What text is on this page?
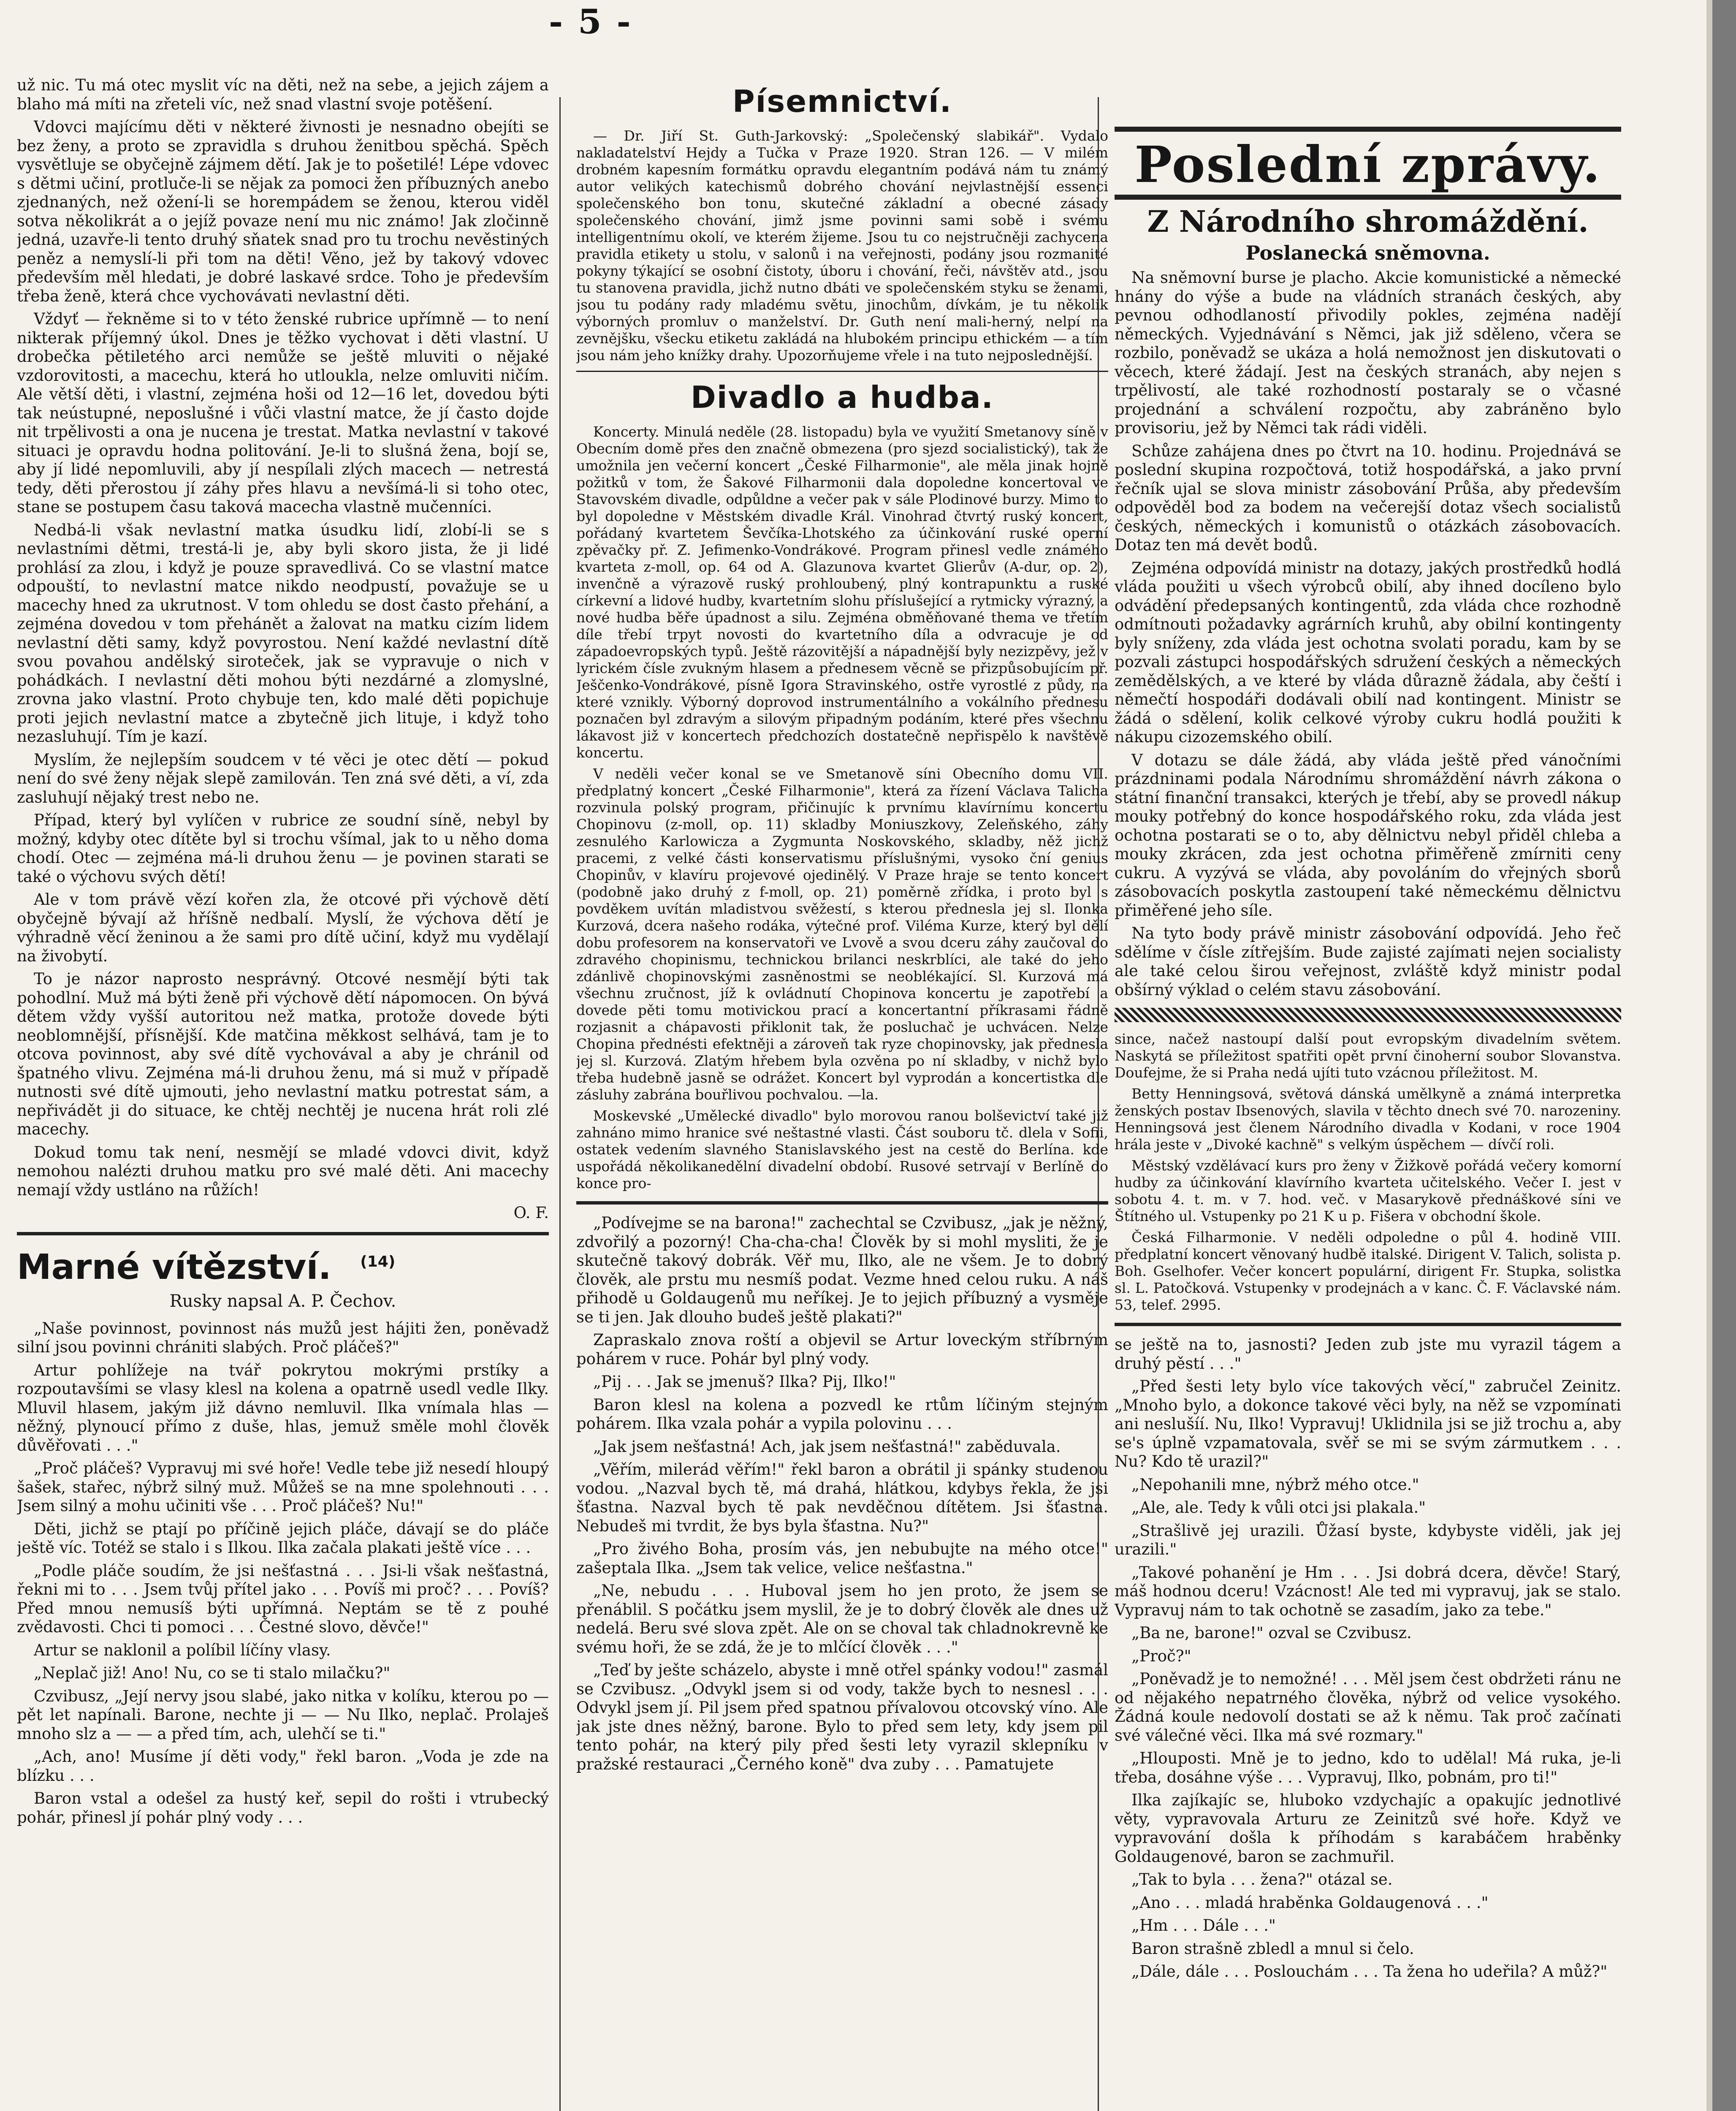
- 5 -

už nic. Tu má otec myslit víc na děti, než na sebe, a jejich zájem a blaho má míti na zřeteli víc, než snad vlastní svoje potěšení.

Vdovci majícímu děti v některé živnosti je nesnadno obejíti se bez ženy, a proto se zpravidla s druhou ženitbou spěchá. Spěch vysvětluje se obyčejně zájmem dětí. Jak je to pošetilé! Lépe vdovec s dětmi učiní, protluče-li se nějak za pomoci žen příbuzných anebo zjednaných, než ožení-li se horempádem se ženou, kterou viděl sotva několikrát a o jejíž povaze není mu nic známo! Jak zločinně jedná, uzavře-li tento druhý sňatek snad pro tu trochu nevěstiných peněz a nemyslí-li při tom na děti! Věno, jež by takový vdovec především měl hledati, je dobré laskavé srdce. Toho je především třeba ženě, která chce vychovávati nevlastní děti.

Vždyť — řekněme si to v této ženské rubrice upřímně — to není nikterak příjemný úkol. Dnes je těžko vychovat i děti vlastní. U drobečka pětiletého arci nemůže se ještě mluviti o nějaké vzdorovitosti, a macechu, která ho utloukla, nelze omluviti ničím. Ale větší děti, i vlastní, zejména hoši od 12—16 let, dovedou býti tak neústupné, neposlušné i vůči vlastní matce, že jí často dojde nit trpělivosti a ona je nucena je trestat. Matka nevlastní v takové situaci je opravdu hodna politování. Je-li to slušná žena, bojí se, aby jí lidé nepomluvili, aby jí nespílali zlých macech — netrestá tedy, děti přerostou jí záhy přes hlavu a nevšímá-li si toho otec, stane se postupem času taková macecha vlastně mučenníci.

Nedbá-li však nevlastní matka úsudku lidí, zlobí-li se s nevlastními dětmi, trestá-li je, aby byli skoro jista, že ji lidé prohlásí za zlou, i když je pouze spravedlivá. Co se vlastní matce odpouští, to nevlastní matce nikdo neodpustí, považuje se u macechy hned za ukrutnost. V tom ohledu se dost často přehání, a zejména dovedou v tom přehánět a žalovat na matku cizím lidem nevlastní děti samy, když povyrostou. Není každé nevlastní dítě svou povahou andělský siroteček, jak se vypravuje o nich v pohádkách. I nevlastní děti mohou býti nezdárné a zlomyslné, zrovna jako vlastní. Proto chybuje ten, kdo malé děti popichuje proti jejich nevlastní matce a zbytečně jich lituje, i když toho nezasluhují. Tím je kazí.

Myslím, že nejlepším soudcem v té věci je otec dětí — pokud není do své ženy nějak slepě zamilován. Ten zná své děti, a ví, zda zasluhují nějaký trest nebo ne.

Případ, který byl vylíčen v rubrice ze soudní síně, nebyl by možný, kdyby otec dítěte byl si trochu všímal, jak to u něho doma chodí. Otec — zejména má-li druhou ženu — je povinen starati se také o výchovu svých dětí!

Ale v tom právě vězí kořen zla, že otcové při výchově dětí obyčejně bývají až hříšně nedbalí. Myslí, že výchova dětí je výhradně věcí ženinou a že sami pro dítě učiní, když mu vydělají na živobytí.

To je názor naprosto nesprávný. Otcové nesmějí býti tak pohodlní. Muž má býti ženě při výchově dětí nápomocen. On bývá dětem vždy vyšší autoritou než matka, protože dovede býti neoblomnější, přísnější. Kde matčina měkkost selhává, tam je to otcova povinnost, aby své dítě vychovával a aby je chránil od špatného vlivu. Zejména má-li druhou ženu, má si muž v případě nutnosti své dítě ujmouti, jeho nevlastní matku potrestat sám, a nepřivádět ji do situace, ke chtěj nechtěj je nucena hrát roli zlé macechy.

Dokud tomu tak není, nesmějí se mladé vdovci divit, když nemohou nalézti druhou matku pro své malé děti. Ani macechy nemají vždy ustláno na růžích!

O. F.

Marné vítězství. $^{(14)}$
Rusky napsal A. P. Čechov.

„Naše povinnost, povinnost nás mužů jest hájiti žen, poněvadž silní jsou povinni chrániti slabých. Proč pláčeš?"

Artur pohlížeje na tvář pokrytou mokrými prstíky a rozpoutavšími se vlasy klesl na kolena a opatrně usedl vedle Ilky. Mluvil hlasem, jakým již dávno nemluvil. Ilka vnímala hlas — něžný, plynoucí přímo z duše, hlas, jemuž směle mohl člověk důvěřovati . . ."

„Proč pláčeš? Vypravuj mi své hoře! Vedle tebe již nesedí hloupý šašek, stařec, nýbrž silný muž. Můžeš se na mne spolehnouti . . . Jsem silný a mohu učiniti vše . . . Proč pláčeš? Nu!"

Děti, jichž se ptají po příčině jejich pláče, dávají se do pláče ještě víc. Totéž se stalo i s Ilkou. Ilka začala plakati ještě více . . .

„Podle pláče soudím, že jsi nešťastná . . . Jsi-li však nešťastná, řekni mi to . . . Jsem tvůj přítel jako . . . Povíš mi proč? . . . Povíš? Před mnou nemusíš býti upřímná. Neptám se tě z pouhé zvědavosti. Chci ti pomoci . . . Čestné slovo, děvče!"

Artur se naklonil a políbil líčíny vlasy.

„Neplač již! Ano! Nu, co se ti stalo milačku?"

Czvibusz, „Její nervy jsou slabé, jako nitka v kolíku, kterou po — pět let napínali. Barone, nechte ji — — Nu Ilko, neplač. Prolaješ mnoho slz a — — a před tím, ach, ulehčí se ti."

„Ach, ano! Musíme jí děti vody," řekl baron. „Voda je zde na blízku . . .

Baron vstal a odešel za hustý keř, sepil do rošti i vtrubecký pohár, přinesl jí pohár plný vody . . .

Písemnictví.

— Dr. Jiří St. Guth-Jarkovský: „Společenský slabikář". Vydalo nakladatelství Hejdy a Tučka v Praze 1920. Stran 126. — V milém drobném kapesním formátku opravdu elegantním podává nám tu známý autor velikých katechismů dobrého chování nejvlastnější essenci společenského bon tonu, skutečné základní a obecné zásady společenského chování, jimž jsme povinni sami sobě i svému intelligentnímu okolí, ve kterém žijeme. Jsou tu co nejstručněji zachycena pravidla etikety u stolu, v salonů i na veřejnosti, podány jsou rozmanité pokyny týkající se osobní čistoty, úboru i chování, řeči, návštěv atd., jsou tu stanovena pravidla, jichž nutno dbáti ve společenském styku se ženami, jsou tu podány rady mladému světu, jinochům, dívkám, je tu několik výborných promluv o manželství. Dr. Guth není mali-herný, nelpí na zevnějšku, všecku etiketu zakládá na hlubokém principu ethickém — a tím jsou nám jeho knížky drahy. Upozorňujeme vřele i na tuto nejposlednější.

Divadlo a hudba.

Koncerty. Minulá neděle (28. listopadu) byla ve využití Smetanovy síně v Obecním domě přes den značně obmezena (pro sjezd socialistický), tak že umožnila jen večerní koncert „České Filharmonie", ale měla jinak hojně požitků v tom, že Šakové Filharmonii dala dopoledne koncertoval ve Stavovském divadle, odpůldne a večer pak v sále Plodinové burzy. Mimo to byl dopoledne v Městském divadle Král. Vinohrad čtvrtý ruský koncert, pořádaný kvartetem Ševčíka-Lhotského za účinkování ruské operní zpěvačky př. Z. Jefimenko-Vondrákové. Program přinesl vedle známého kvarteta z-moll, op. 64 od A. Glazunova kvartet Glierův (A-dur, op. 2), invenčně a výrazově ruský prohloubený, plný kontrapunktu a ruské církevní a lidové hudby, kvartetním slohu příslušející a rytmicky výrazný, a nové hudba běře úpadnost a silu. Zejména obměňované thema ve třetím díle třebí trpyt novosti do kvartetního díla a odvracuje je od západoevropských typů. Ještě rázovitější a nápadnější byly nezizpěvy, jež v lyrickém čísle zvukným hlasem a přednesem věcně se přizpůsobujícím př. Ješčenko-Vondrákové, písně Igora Stravinského, ostře vyrostlé z půdy, na které vznikly. Výborný doprovod instrumentálního a vokálního přednesu poznačen byl zdravým a silovým připadným podáním, které přes všechnu lákavost již v koncertech předchozích dostatečně nepřispělo k navštěvě koncertu.

V neděli večer konal se ve Smetanově síni Obecního domu VII. předplatný koncert „České Filharmonie", která za řízení Václava Talicha rozvinula polský program, přičinujíc k prvnímu klavírnímu koncertu Chopinovu (z-moll, op. 11) skladby Moniuszkovy, Zeleňského, záhy zesnulého Karlowicza a Zygmunta Noskovského, skladby, něž jichž pracemi, z velké části konservatismu příslušnými, vysoko ční genius Chopinův, v klavíru projevové ojedinělý. V Praze hraje se tento koncert (podobně jako druhý z f-moll, op. 21) poměrně zřídka, i proto byl s povděkem uvítán mladistvou svěžestí, s kterou přednesla jej sl. Ilonka Kurzová, dcera našeho rodáka, výtečné prof. Viléma Kurze, který byl dělí dobu profesorem na konservatoři ve Lvově a svou dceru záhy zaučoval do zdravého chopinismu, technickou brilanci neskrblíci, ale také do jeho zdánlivě chopinovskými zasněnostmi se neoblékající. Sl. Kurzová má všechnu zručnost, jíž k ovládnutí Chopinova koncertu je zapotřebí a dovede pěti tomu motivickou prací a koncertantní příkrasami řádně rozjasnit a chápavosti přiklonit tak, že posluchač je uchvácen. Nelze Chopina přednésti efektněji a zároveň tak ryze chopinovsky, jak přednesla jej sl. Kurzová. Zlatým hřebem byla ozvěna po ní skladby, v nichž bylo třeba hudebně jasně se odrážet. Koncert byl vyprodán a koncertistka dle zásluhy zabrána bouřlivou pochvalou. —la.

Moskevské „Umělecké divadlo" bylo morovou ranou bolševictví také již zahnáno mimo hranice své neštastné vlasti. Část souboru tč. dlela v Sofii, ostatek vedením slavného Stanislavského jest na cestě do Berlína. kde uspořádá několikanedělní divadelní období. Rusové setrvají v Berlíně do konce pro-

„Podívejme se na barona!" zachechtal se Czvibusz, „jak je něžný, zdvořilý a pozorný! Cha-cha-cha! Člověk by si mohl mysliti, že je skutečně takový dobrák. Věř mu, Ilko, ale ne všem. Je to dobrý člověk, ale prstu mu nesmíš podat. Vezme hned celou ruku. A náš přihodě u Goldaugenů mu neříkej. Je to jejich příbuzný a vysměje se ti jen. Jak dlouho budeš ještě plakati?"

Zapraskalo znova roští a objevil se Artur loveckým stříbrným pohárem v ruce. Pohár byl plný vody.

„Pij . . . Jak se jmenuš? Ilka? Pij, Ilko!"

Baron klesl na kolena a pozvedl ke rtům líčiným stejným pohárem. Ilka vzala pohár a vypila polovinu . . .

„Jak jsem nešťastná! Ach, jak jsem nešťastná!" zaběduvala.

„Věřím, milerád věřím!" řekl baron a obrátil ji spánky studenou vodou. „Nazval bych tě, má drahá, hlátkou, kdybys řekla, že jsi šťastna. Nazval bych tě pak nevděčnou dítětem. Jsi šťastna. Nebudeš mi tvrdit, že bys byla šťastna. Nu?"

„Pro živého Boha, prosím vás, jen nebubujte na mého otce!" zašeptala Ilka. „Jsem tak velice, velice nešťastna."

„Ne, nebudu . . . Huboval jsem ho jen proto, že jsem se přenáblil. S počátku jsem myslil, že je to dobrý člověk ale dnes už nedelá. Beru své slova zpět. Ale on se choval tak chladnokrevně ke svému hoři, že se zdá, že je to mlčící člověk . . ."

„Teď by ješte scházelo, abyste i mně otřel spánky vodou!" zasmál se Czvibusz. „Odvykl jsem si od vody, takže bych to nesnesl . . . Odvykl jsem jí. Pil jsem před spatnou přívalovou otcovský víno. Ale jak jste dnes něžný, barone. Bylo to před sem lety, kdy jsem pil tento pohár, na který pily před šesti lety vyrazil sklepníku v pražské restauraci „Černého koně" dva zuby . . . Pamatujete

Poslední zprávy.
Z Národního shromáždění.
Poslanecká sněmovna.

Na sněmovní burse je placho. Akcie komunistické a německé hnány do výše a bude na vládních stranách českých, aby pevnou odhodlaností přivodily pokles, zejména nadějí německých. Vyjednávání s Němci, jak již sděleno, včera se rozbilo, poněvadž se ukáza a holá nemožnost jen diskutovati o věcech, které žádají. Jest na českých stranách, aby nejen s trpělivostí, ale také rozhodností postaraly se o včasné projednání a schválení rozpočtu, aby zabráněno bylo provisoriu, jež by Němci tak rádi viděli.

Schůze zahájena dnes po čtvrt na 10. hodinu. Projednává se poslední skupina rozpočtová, totiž hospodářská, a jako první řečník ujal se slova ministr zásobování Průša, aby především odpověděl bod za bodem na večerejší dotaz všech socialistů českých, německých i komunistů o otázkách zásobovacích. Dotaz ten má devět bodů.

Zejména odpovídá ministr na dotazy, jakých prostředků hodlá vláda použiti u všech výrobců obilí, aby ihned docíleno bylo odvádění předepsaných kontingentů, zda vláda chce rozhodně odmítnouti požadavky agrárních kruhů, aby obilní kontingenty byly sníženy, zda vláda jest ochotna svolati poradu, kam by se pozvali zástupci hospodářských sdružení českých a německých zemědělských, a ve které by vláda důrazně žádala, aby čeští i němečtí hospodáři dodávali obilí nad kontingent. Ministr se žádá o sdělení, kolik celkové výroby cukru hodlá použiti k nákupu cizozemského obilí.

V dotazu se dále žádá, aby vláda ještě před vánočními prázdninami podala Národnímu shromáždění návrh zákona o státní finanční transakci, kterých je třebí, aby se provedl nákup mouky potřebný do konce hospodářského roku, zda vláda jest ochotna postarati se o to, aby dělnictvu nebyl přiděl chleba a mouky zkrácen, zda jest ochotna přiměřeně zmírniti ceny cukru. A vyzývá se vláda, aby povoláním do vřejných sborů zásobovacích poskytla zastoupení také německému dělnictvu přiměřené jeho síle.

Na tyto body právě ministr zásobování odpovídá. Jeho řeč sdělíme v čísle zítřejším. Bude zajisté zajímati nejen socialisty ale také celou širou veřejnost, zvláště když ministr podal obšírný výklad o celém stavu zásobování.

since, načež nastoupí další pout evropským divadelním světem. Naskytá se příležitost spatřiti opět první činoherní soubor Slovanstva. Doufejme, že si Praha nedá ujíti tuto vzácnou příležitost. M.

Betty Henningsová, světová dánská umělkyně a známá interpretka ženských postav Ibsenových, slavila v těchto dnech své 70. narozeniny. Henningsová jest členem Národního divadla v Kodani, v roce 1904 hrála jeste v „Divoké kachně" s velkým úspěchem — dívčí roli.

Městský vzdělávací kurs pro ženy v Žižkově pořádá večery komorní hudby za účinkování klavírního kvarteta učitelského. Večer I. jest v sobotu 4. t. m. v 7. hod. več. v Masarykově přednáškové síni ve Štítného ul. Vstupenky po 21 K u p. Fišera v obchodní škole.

Česká Filharmonie. V neděli odpoledne o půl 4. hodině VIII. předplatní koncert věnovaný hudbě italské. Dirigent V. Talich, solista p. Boh. Gselhofer. Večer koncert populární, dirigent Fr. Stupka, solistka sl. L. Patočková. Vstupenky v prodejnách a v kanc. Č. F. Václavské nám. 53, telef. 2995.

se ještě na to, jasnosti? Jeden zub jste mu vyrazil tágem a druhý pěstí . . ."

„Před šesti lety bylo více takových věcí," zabručel Zeinitz. „Mnoho bylo, a dokonce takové věci byly, na něž se vzpomínati ani neslušíí. Nu, Ilko! Vypravuj! Uklidnila jsi se již trochu a, aby se's úplně vzpamatovala, svěř se mi se svým zármutkem . . . Nu? Kdo tě urazil?"

„Nepohanili mne, nýbrž mého otce."

„Ale, ale. Tedy k vůli otci jsi plakala."

„Strašlivě jej urazili. Ůžasí byste, kdybyste viděli, jak jej urazili."

„Takové pohanění je Hm . . . Jsi dobrá dcera, děvče! Starý, máš hodnou dceru! Vzácnost! Ale ted mi vypravuj, jak se stalo. Vypravuj nám to tak ochotně se zasadím, jako za tebe."

„Ba ne, barone!" ozval se Czvibusz.

„Proč?"

„Poněvadž je to nemožné! . . . Měl jsem čest obdržeti ránu ne od nějakého nepatrného člověka, nýbrž od velice vysokého. Žádná koule nedovolí dostati se až k němu. Tak proč začínati své válečné věci. Ilka má své rozmary."

„Hlouposti. Mně je to jedno, kdo to udělal! Má ruka, je-li třeba, dosáhne výše . . . Vypravuj, Ilko, pobnám, pro ti!"

Ilka zajíkajíc se, hluboko vzdychajíc a opakujíc jednotlivé věty, vypravovala Arturu ze Zeinitzů své hoře. Když ve vypravování došla k příhodám s karabáčem hraběnky Goldaugenové, baron se zachmuřil.

„Tak to byla . . . žena?" otázal se.

„Ano . . . mladá hraběnka Goldaugenová . . ."

„Hm . . . Dále . . ."

Baron strašně zbledl a mnul si čelo.

„Dále, dále . . . Poslouchám . . . Ta žena ho udeřila? A můž?"
